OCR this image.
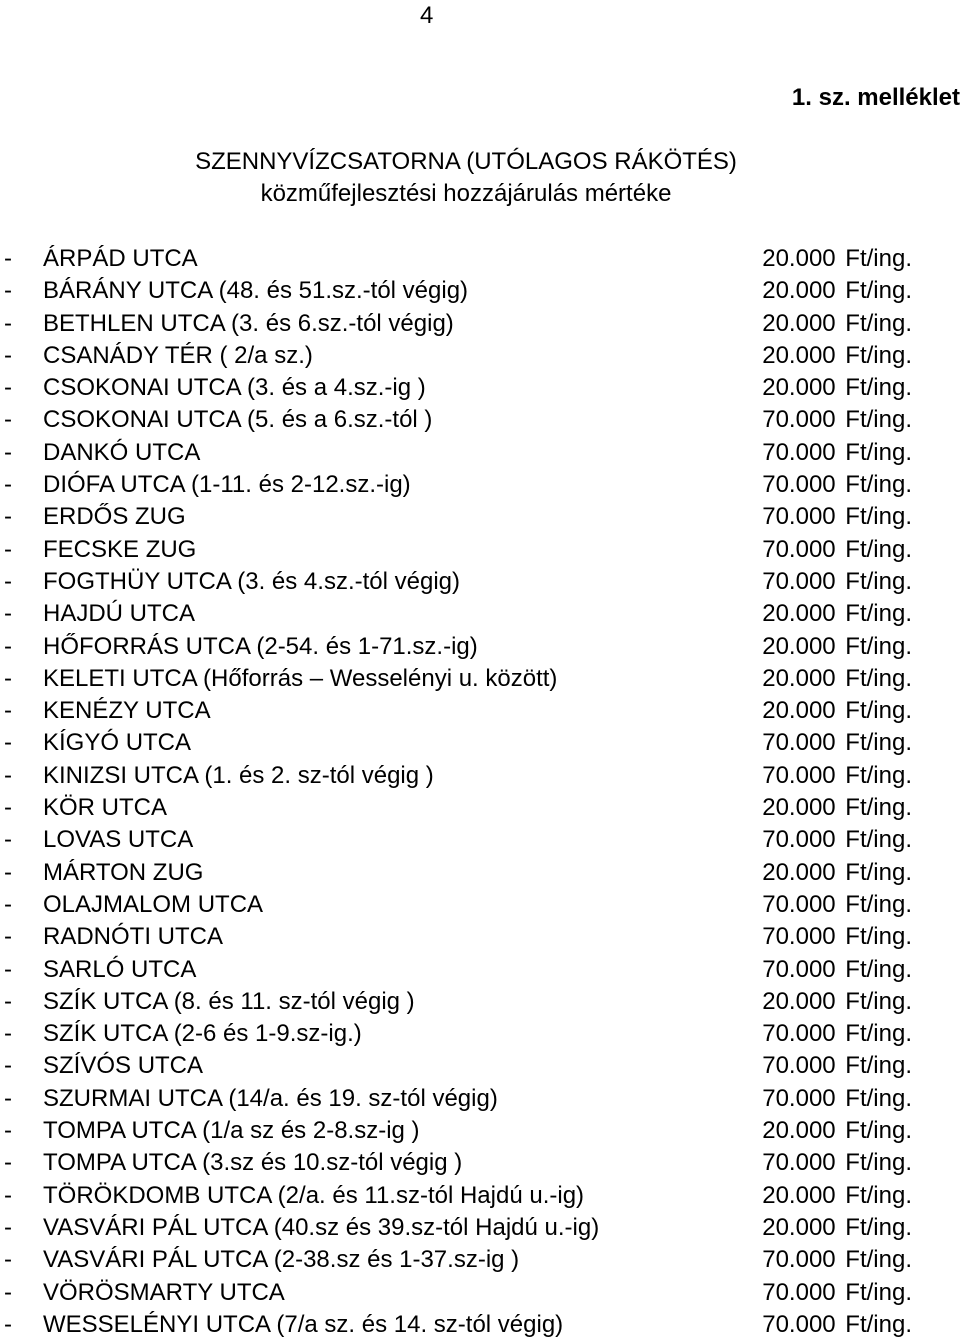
4
1. sz. melléklet
SZENNYVÍZCSATORNA (UTÓLAGOS RÁKÖTÉS)
közműfejlesztési hozzájárulás mértéke
- ÁRPÁD UTCA	20.000 Ft/ing.
- BÁRÁNY UTCA (48. és 51.sz.-tól végig)	20.000 Ft/ing.
- BETHLEN UTCA (3. és 6.sz.-tól végig)	20.000 Ft/ing.
- CSANÁDY TÉR ( 2/a sz.)	20.000 Ft/ing.
- CSOKONAI UTCA (3. és a 4.sz.-ig )	20.000 Ft/ing.
- CSOKONAI UTCA (5. és a 6.sz.-tól )	70.000 Ft/ing.
- DANKÓ UTCA	70.000 Ft/ing.
- DIÓFA UTCA (1-11. és 2-12.sz.-ig)	70.000 Ft/ing.
- ERDŐS ZUG	70.000 Ft/ing.
- FECSKE ZUG	70.000 Ft/ing.
- FOGTHÜY UTCA (3. és 4.sz.-tól végig)	70.000 Ft/ing.
- HAJDÚ UTCA	20.000 Ft/ing.
- HŐFORRÁS UTCA (2-54. és 1-71.sz.-ig)	20.000 Ft/ing.
- KELETI UTCA (Hőforrás – Wesselényi u. között)	20.000 Ft/ing.
- KENÉZY UTCA	20.000 Ft/ing.
- KÍGYÓ UTCA	70.000 Ft/ing.
- KINIZSI UTCA (1. és 2. sz-tól végig )	70.000 Ft/ing.
- KÖR UTCA	20.000 Ft/ing.
- LOVAS UTCA	70.000 Ft/ing.
- MÁRTON ZUG	20.000 Ft/ing.
- OLAJMALOM UTCA	70.000 Ft/ing.
- RADNÓTI UTCA	70.000 Ft/ing.
- SARLÓ UTCA	70.000 Ft/ing.
- SZÍK UTCA (8. és 11. sz-tól végig )	20.000 Ft/ing.
- SZÍK UTCA (2-6 és 1-9.sz-ig.)	70.000 Ft/ing.
- SZÍVÓS UTCA	70.000 Ft/ing.
- SZURMAI UTCA (14/a. és 19. sz-tól végig)	70.000 Ft/ing.
- TOMPA UTCA (1/a sz és 2-8.sz-ig )	20.000 Ft/ing.
- TOMPA UTCA (3.sz és 10.sz-tól végig )	70.000 Ft/ing.
- TÖRÖKDOMB UTCA (2/a. és 11.sz-tól Hajdú u.-ig)	20.000 Ft/ing.
- VASVÁRI PÁL UTCA (40.sz és 39.sz-tól Hajdú u.-ig)	20.000 Ft/ing.
- VASVÁRI PÁL UTCA (2-38.sz és 1-37.sz-ig )	70.000 Ft/ing.
- VÖRÖSMARTY UTCA	70.000 Ft/ing.
- WESSELÉNYI UTCA (7/a sz. és 14. sz-tól végig)	70.000 Ft/ing.
